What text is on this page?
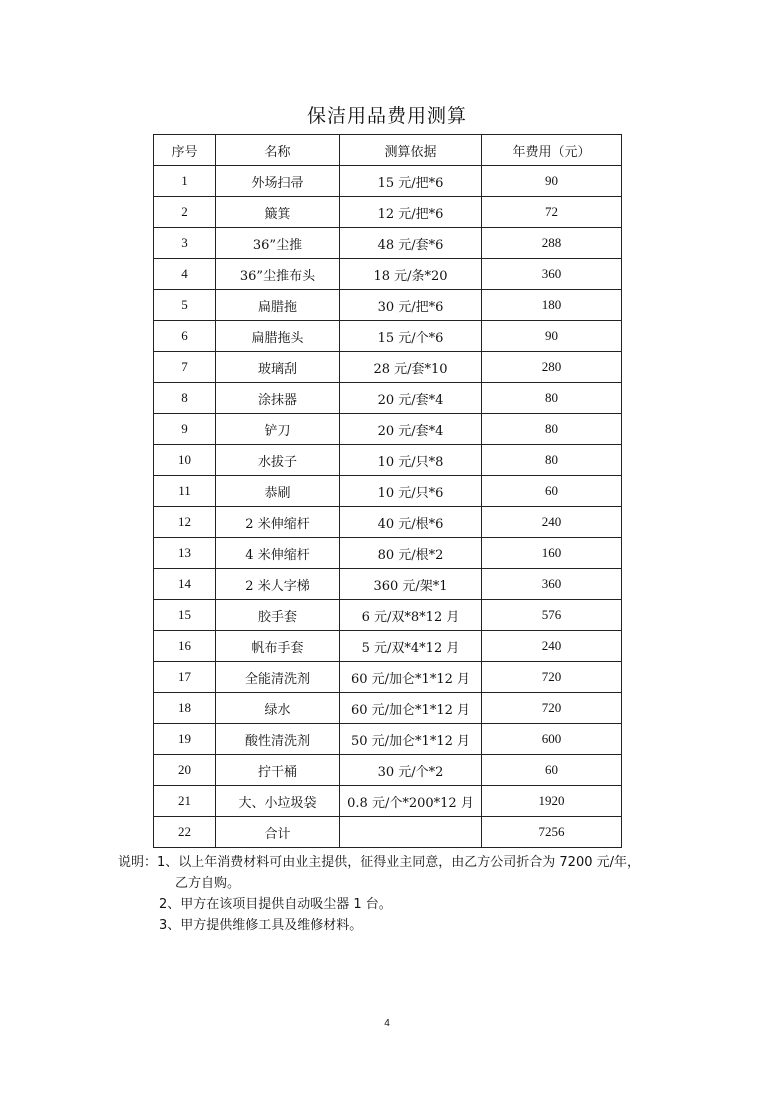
保洁用品费用测算
序号	名称	测算依据	年费用（元）
1	外场扫帚	15 元/把*6	90
2	簸箕	12 元/把*6	72
3	36”尘推	48 元/套*6	288
4	36”尘推布头	18 元/条*20	360
5	扁腊拖	30 元/把*6	180
6	扁腊拖头	15 元/个*6	90
7	玻璃刮	28 元/套*10	280
8	涂抹器	20 元/套*4	80
9	铲刀	20 元/套*4	80
10	水拔子	10 元/只*8	80
11	恭刷	10 元/只*6	60
12	2 米伸缩杆	40 元/根*6	240
13	4 米伸缩杆	80 元/根*2	160
14	2 米人字梯	360 元/架*1	360
15	胶手套	6 元/双*8*12 月	576
16	帆布手套	5 元/双*4*12 月	240
17	全能清洗剂	60 元/加仑*1*12 月	720
18	绿水	60 元/加仑*1*12 月	720
19	酸性清洗剂	50 元/加仑*1*12 月	600
20	拧干桶	30 元/个*2	60
21	大、小垃圾袋	0.8 元/个*200*12 月	1920
22	合计		7256
说明：1、以上年消费材料可由业主提供，征得业主同意，由乙方公司折合为 7200 元/年，
乙方自购。
2、甲方在该项目提供自动吸尘器 1 台。
3、甲方提供维修工具及维修材料。
4
